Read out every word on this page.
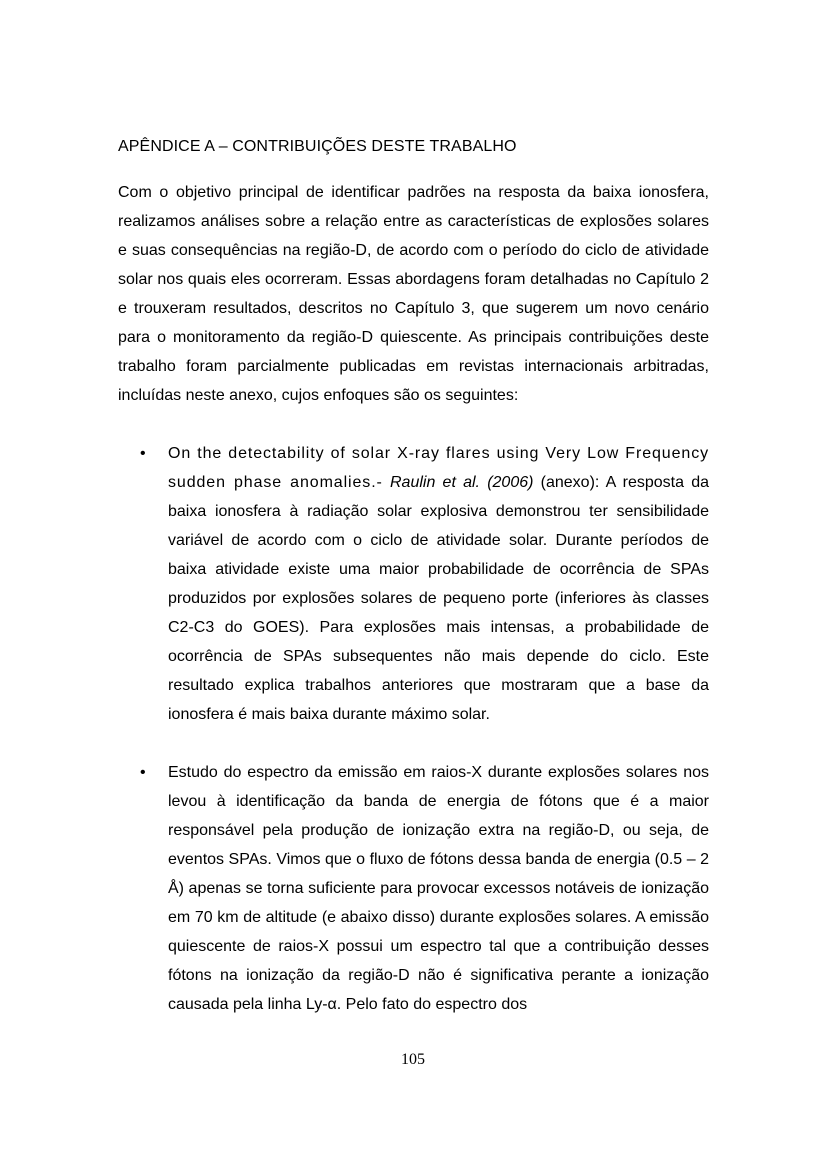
APÊNDICE A – CONTRIBUIÇÕES DESTE TRABALHO

Com o objetivo principal de identificar padrões na resposta da baixa ionosfera, realizamos análises sobre a relação entre as características de explosões solares e suas consequências na região-D, de acordo com o período do ciclo de atividade solar nos quais eles ocorreram. Essas abordagens foram detalhadas no Capítulo 2 e trouxeram resultados, descritos no Capítulo 3, que sugerem um novo cenário para o monitoramento da região-D quiescente. As principais contribuições deste trabalho foram parcialmente publicadas em revistas internacionais arbitradas, incluídas neste anexo, cujos enfoques são os seguintes:

• On the detectability of solar X-ray flares using Very Low Frequency sudden phase anomalies.- Raulin et al. (2006) (anexo): A resposta da baixa ionosfera à radiação solar explosiva demonstrou ter sensibilidade variável de acordo com o ciclo de atividade solar. Durante períodos de baixa atividade existe uma maior probabilidade de ocorrência de SPAs produzidos por explosões solares de pequeno porte (inferiores às classes C2-C3 do GOES). Para explosões mais intensas, a probabilidade de ocorrência de SPAs subsequentes não mais depende do ciclo. Este resultado explica trabalhos anteriores que mostraram que a base da ionosfera é mais baixa durante máximo solar.
• Estudo do espectro da emissão em raios-X durante explosões solares nos levou à identificação da banda de energia de fótons que é a maior responsável pela produção de ionização extra na região-D, ou seja, de eventos SPAs. Vimos que o fluxo de fótons dessa banda de energia (0.5 – 2 Å) apenas se torna suficiente para provocar excessos notáveis de ionização em 70 km de altitude (e abaixo disso) durante explosões solares. A emissão quiescente de raios-X possui um espectro tal que a contribuição desses fótons na ionização da região-D não é significativa perante a ionização causada pela linha Ly-α. Pelo fato do espectro dos
105
